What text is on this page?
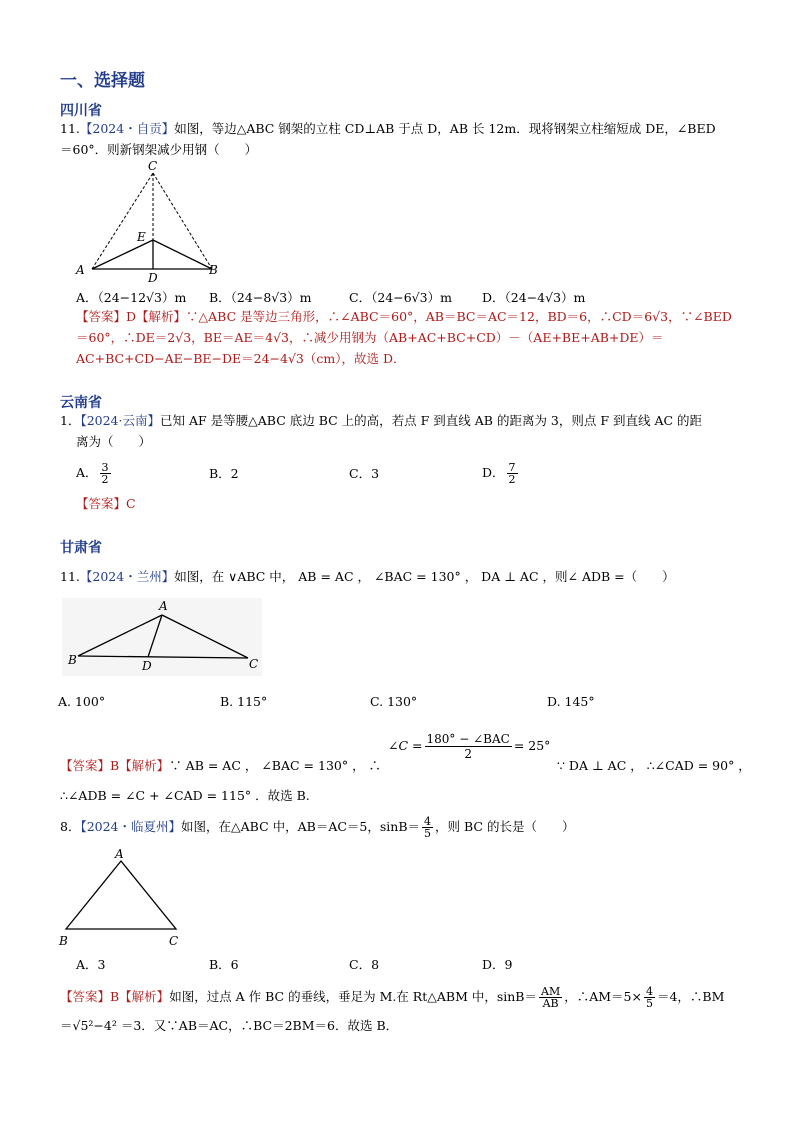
一、选择题
四川省
11.【2024・自贡】如图，等边△ABC 钢架的立柱 CD⊥AB 于点 D，AB 长 12m．现将钢架立柱缩短成 DE，∠BED
＝60°．则新钢架减少用钢（　　）
C
E
A	B
D
A．（24−12√3）m B．（24−8√3）m	C．（24−6√3）m D．（24−4√3）m
【答案】D【解析】∵△ABC 是等边三角形，∴∠ABC＝60°，AB＝BC＝AC＝12，BD＝6，∴CD＝6√3，∵∠BED
＝60°，∴DE＝2√3，BE＝AE＝4√3，∴减少用钢为（AB+AC+BC+CD）－（AE+BE+AB+DE）＝
AC+BC+CD−AE−BE−DE＝24−4√3（cm），故选 D．
云南省
1．【2024·云南】已知 AF 是等腰△ABC 底边 BC 上的高，若点 F 到直线 AB 的距离为 3，则点 F 到直线 AC 的距
离为（　　）
A． $\frac{3}{2}$	B．2	C．3	D． $\frac{7}{2}$
【答案】C
甘肃省
11.【2024・兰州】如图，在 ∨ABC 中， AB = AC ， ∠BAC = 130° ， DA ⊥ AC ，则∠ ADB =（　　）
A
B	D	C
A. 100°	B. 115°	C. 130°	D. 145°
∠C = $\frac{\text{180° − ∠BAC}}{2} = 25^\circ$
【答案】B【解析】∵ AB = AC ， ∠BAC = 130° ， ∴	∵ DA ⊥ AC ， ∴∠CAD = 90° ，
∴∠ADB = ∠C + ∠CAD = 115° ．故选 B.
8．【2024・临夏州】如图，在△ABC 中，AB＝AC＝5，$\sin B= \frac{4}{5}$ ，则 BC 的长是（　　）
A
B	C
A．3	B．6	C．8	D．9
【答案】B【解析】如图，过点 A 作 BC 的垂线，垂足为 M.在 Rt△ABM 中，$\sin B= \frac{AM}{AB}$ ，∴AM＝5× $\frac{4}{5} =4$，∴BM
＝√5²−4² ＝3．又∵AB＝AC，∴BC＝2BM＝6．故选 B．
